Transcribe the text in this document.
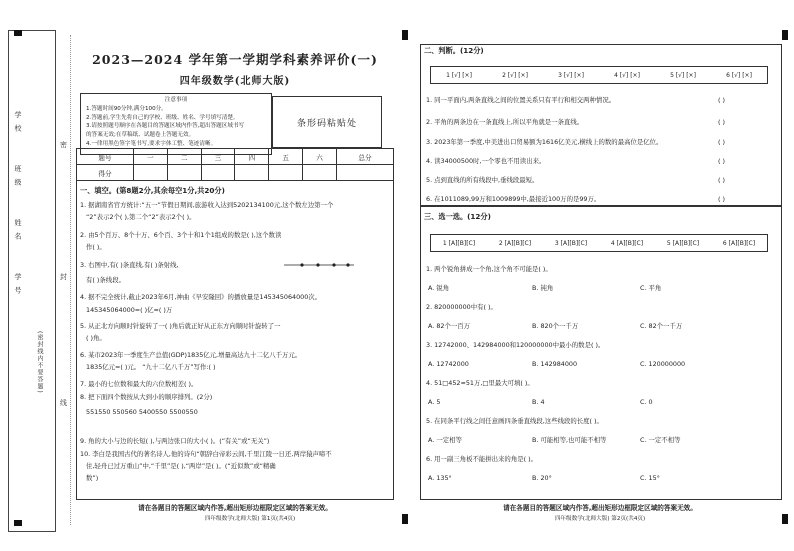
学 校
班 级
姓 名
学 号
(密封线内不要答题)
密
封
线
2023—2024 学年第一学期学科素养评价(一)
四年级数学(北师大版)
注意事项
1.答题时间90分钟,满分100分。
2.答题前,学生先将自己的学校、班级、姓名、学号填写清楚。
3.请按照题号顺序在各题目的答题区域内作答,超出答题区域书写
的答案无效;在草稿纸、试题卷上答题无效。
4.一律用黑色签字笔书写,要求字体工整、笔迹清晰。
条形码粘贴处
题号	一	二	三	四	五	六	总分
得分							
一、填空。(第8题2分,其余每空1分,共20分)
1. 据湖南省官方统计:“五一”节假日期间,旅游收入达到5202134100元,这个数左边第一个
“2”表示2个( ),第二个“2”表示2个( )。
2. 由5个百万、8个十万、6个百、3个十和1个1组成的数是( ),这个数读
作( )。
3. 右图中,有( )条直线,有( )条射线,
有( )条线段。
4. 据不完全统计,截止2023年6月,神曲《早安隆回》的播放量是145345064000次。
145345064000=( )亿≈( )万
5. 从正北方向顺时针旋转了一( )角后就正好从正东方向顺时针旋转了一
( )角。
6. 某市2023年一季度生产总值(GDP)1835亿元,增量高达九十二亿八千万元。
1835亿元=( )元。 “九十二亿八千万”写作:( )
7. 最小的七位数和最大的六位数相差( )。
8. 把下面四个数按从大到小的顺序排列。(2分)
551550 550560 5400550 5500550
9. 角的大小与边的长短( ),与两边张口的大小( )。(“有关”或“无关”)
10. 李白是我国古代的著名诗人,他的诗句“朝辞白帝彩云间,千里江陵一日还,两岸猿声啼不
住,轻舟已过万重山”中,“千里”是( ),“两岸”是( )。(“近似数”或“精确
数”)
请在各题目的答题区域内作答,超出矩形边框限定区域的答案无效。
四年级数学(北师大版) 第1页(共4页)
二、判断。(12分)
1 [√] [×]	2 [√] [×]	3 [√] [×]	4 [√] [×]	5 [√] [×]	6 [√] [×]
1. 同一平面内,两条直线之间的位置关系只有平行和相交两种情况。	( )
2. 平角的两条边在一条直线上,所以平角就是一条直线。	( )
3. 2023年第一季度,中美进出口贸易额为1616亿美元,横线上的数的最高位是亿位。	( )
4. 读34000500时,一个零也不用读出来。	( )
5. 点到直线的所有线段中,垂线段最短。	( )
6. 在1011089,99万和1009899中,最接近100万的是99万。	( )
三、选一选。(12分)
1 [A][B][C]	2 [A][B][C]	3 [A][B][C]	4 [A][B][C]	5 [A][B][C]	6 [A][B][C]
1. 两个锐角拼成一个角,这个角不可能是( )。
A. 锐角	B. 钝角	C. 平角
2. 820000000中有( )。
A. 82个一百万	B. 820个一千万	C. 82个一千万
3. 12742000、142984000和120000000中最小的数是( )。
A. 12742000	B. 142984000	C. 120000000
4. 51□452≈51万,□里最大可填( )。
A. 5	B. 4	C. 0
5. 在同条平行线之间任意画四条垂直线段,这些线段的长度( )。
A. 一定相等	B. 可能相等,也可能不相等	C. 一定不相等
6. 用一副三角板不能拼出来的角是( )。
A. 135°	B. 20°	C. 15°
请在各题目的答题区域内作答,超出矩形边框限定区域的答案无效。
四年级数学(北师大版) 第2页(共4页)
